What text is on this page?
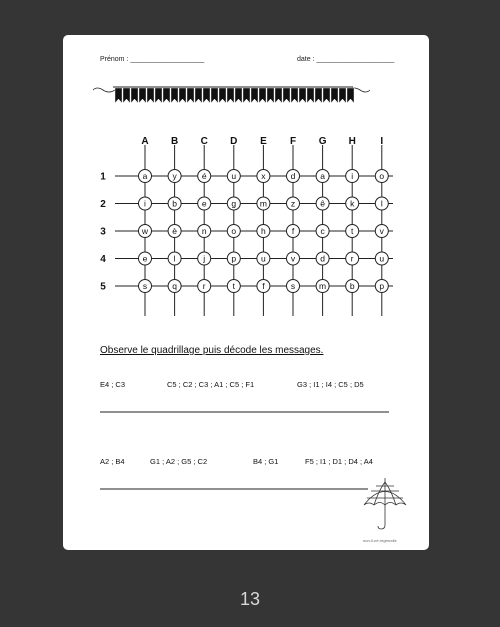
Prénom : ___________________	date : ____________________
A B C D E F G H I
1	a	y	é	u	x	d	a	i	o
2	i	b	e	g	m	z	ê	k	l
3	w	è	n	o	h	f	c	t	v
4	e	l	j	p	u	v	d	r	u
5	s	q	r	t	f	s	m	b	p
Observe le quadrillage puis décode les messages.
E4 ; C3	C5 ; C2 ; C3 ; A1 ; C5 ; F1	G3 ; I1 ; I4 ; C5 ; D5
A2 ; B4	G1 ; A2 ; G5 ; C2	B4 ; G1	F5 ; I1 ; D1 ; D4 ; A4
non-il-ne-regrondis
13
